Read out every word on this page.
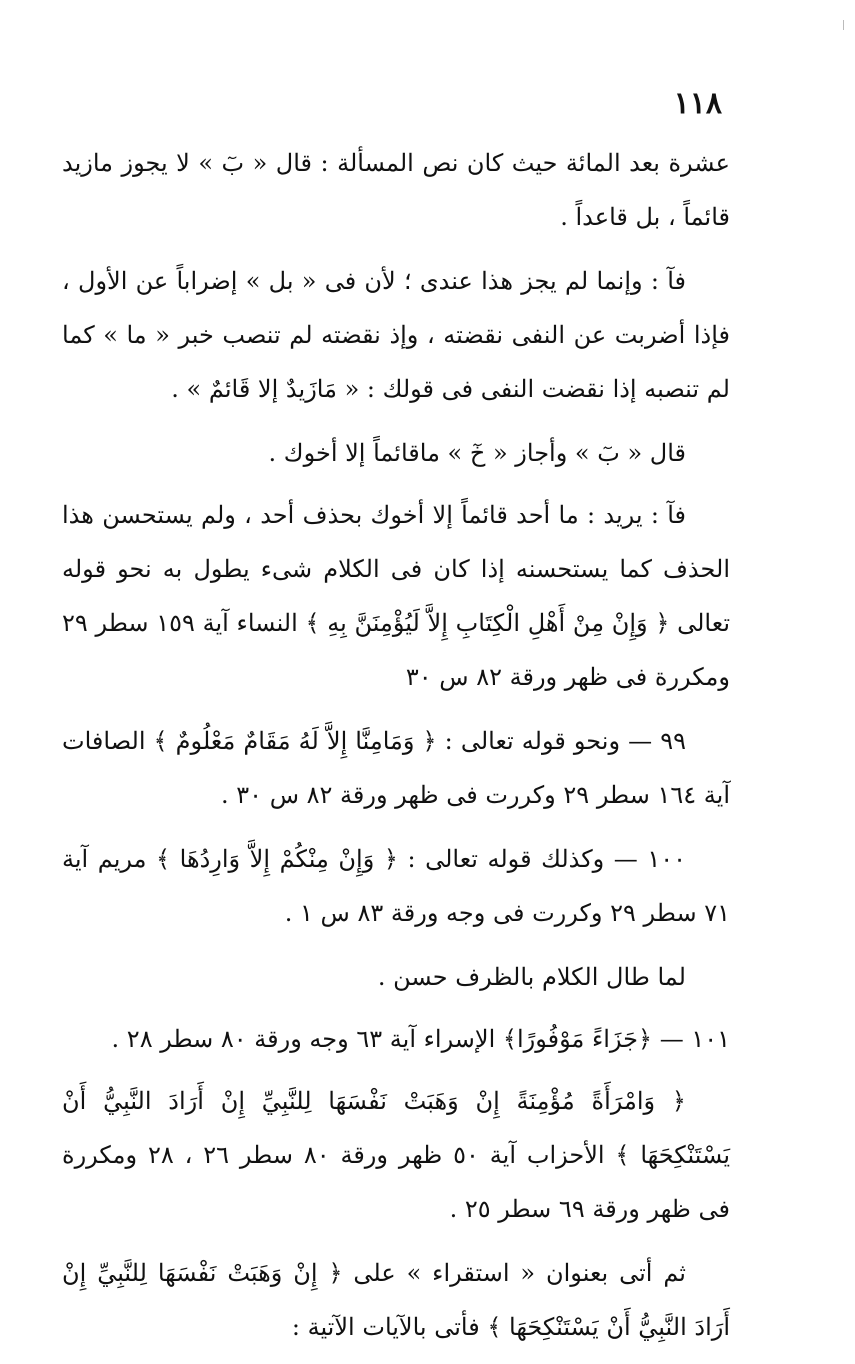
١١٨

عشرة بعد المائة حيث كان نص المسألة : قال « بٓ » لا يجوز مازيد قائماً ، بل قاعداً .

فآ : وإنما لم يجز هذا عندى ؛ لأن فى « بل » إضراباً عن الأول ، فإذا أضربت عن النفى نقضته ، وإذ نقضته لم تنصب خبر « ما » كما لم تنصبه إذا نقضت النفى فى قولك : « مَازَيدٌ إلا قَائمٌ » .

قال « بٓ » وأجاز « خٓ » ماقائماً إلا أخوك .

فآ : يريد : ما أحد قائماً إلا أخوك بحذف أحد ، ولم يستحسن هذا الحذف كما يستحسنه إذا كان فى الكلام شىء يطول به نحو قوله تعالى ﴿ وَإِنْ مِنْ أَهْلِ الْكِتَابِ إِلاَّ لَيُؤْمِنَنَّ بِهِ ﴾ النساء آية ١٥٩ سطر ٢٩ ومكررة فى ظهر ورقة ٨٢ س ٣٠

٩٩ — ونحو قوله تعالى : ﴿ وَمَامِنَّا إِلاَّ لَهُ مَقَامٌ مَعْلُومٌ ﴾ الصافات آية ١٦٤ سطر ٢٩ وكررت فى ظهر ورقة ٨٢ س ٣٠ .

١٠٠ — وكذلك قوله تعالى : ﴿ وَإِنْ مِنْكُمْ إِلاَّ وَارِدُهَا ﴾ مريم آية ٧١ سطر ٢٩ وكررت فى وجه ورقة ٨٣ س ١ .

لما طال الكلام بالظرف حسن .

١٠١ — ﴿جَزَاءً مَوْفُورًا﴾ الإسراء آية ٦٣ وجه ورقة ٨٠ سطر ٢٨ .

﴿ وَامْرَأَةً مُؤْمِنَةً إِنْ وَهَبَتْ نَفْسَهَا لِلنَّبِيِّ إِنْ أَرَادَ النَّبِيُّ أَنْ يَسْتَنْكِحَهَا ﴾ الأحزاب آية ٥٠ ظهر ورقة ٨٠ سطر ٢٦ ، ٢٨ ومكررة فى ظهر ورقة ٦٩ سطر ٢٥ .

ثم أتى بعنوان « استقراء » على ﴿ إِنْ وَهَبَتْ نَفْسَهَا لِلنَّبِيِّ إِنْ أَرَادَ النَّبِيُّ أَنْ يَسْتَنْكِحَهَا ﴾ فأتى بالآيات الآتية :
